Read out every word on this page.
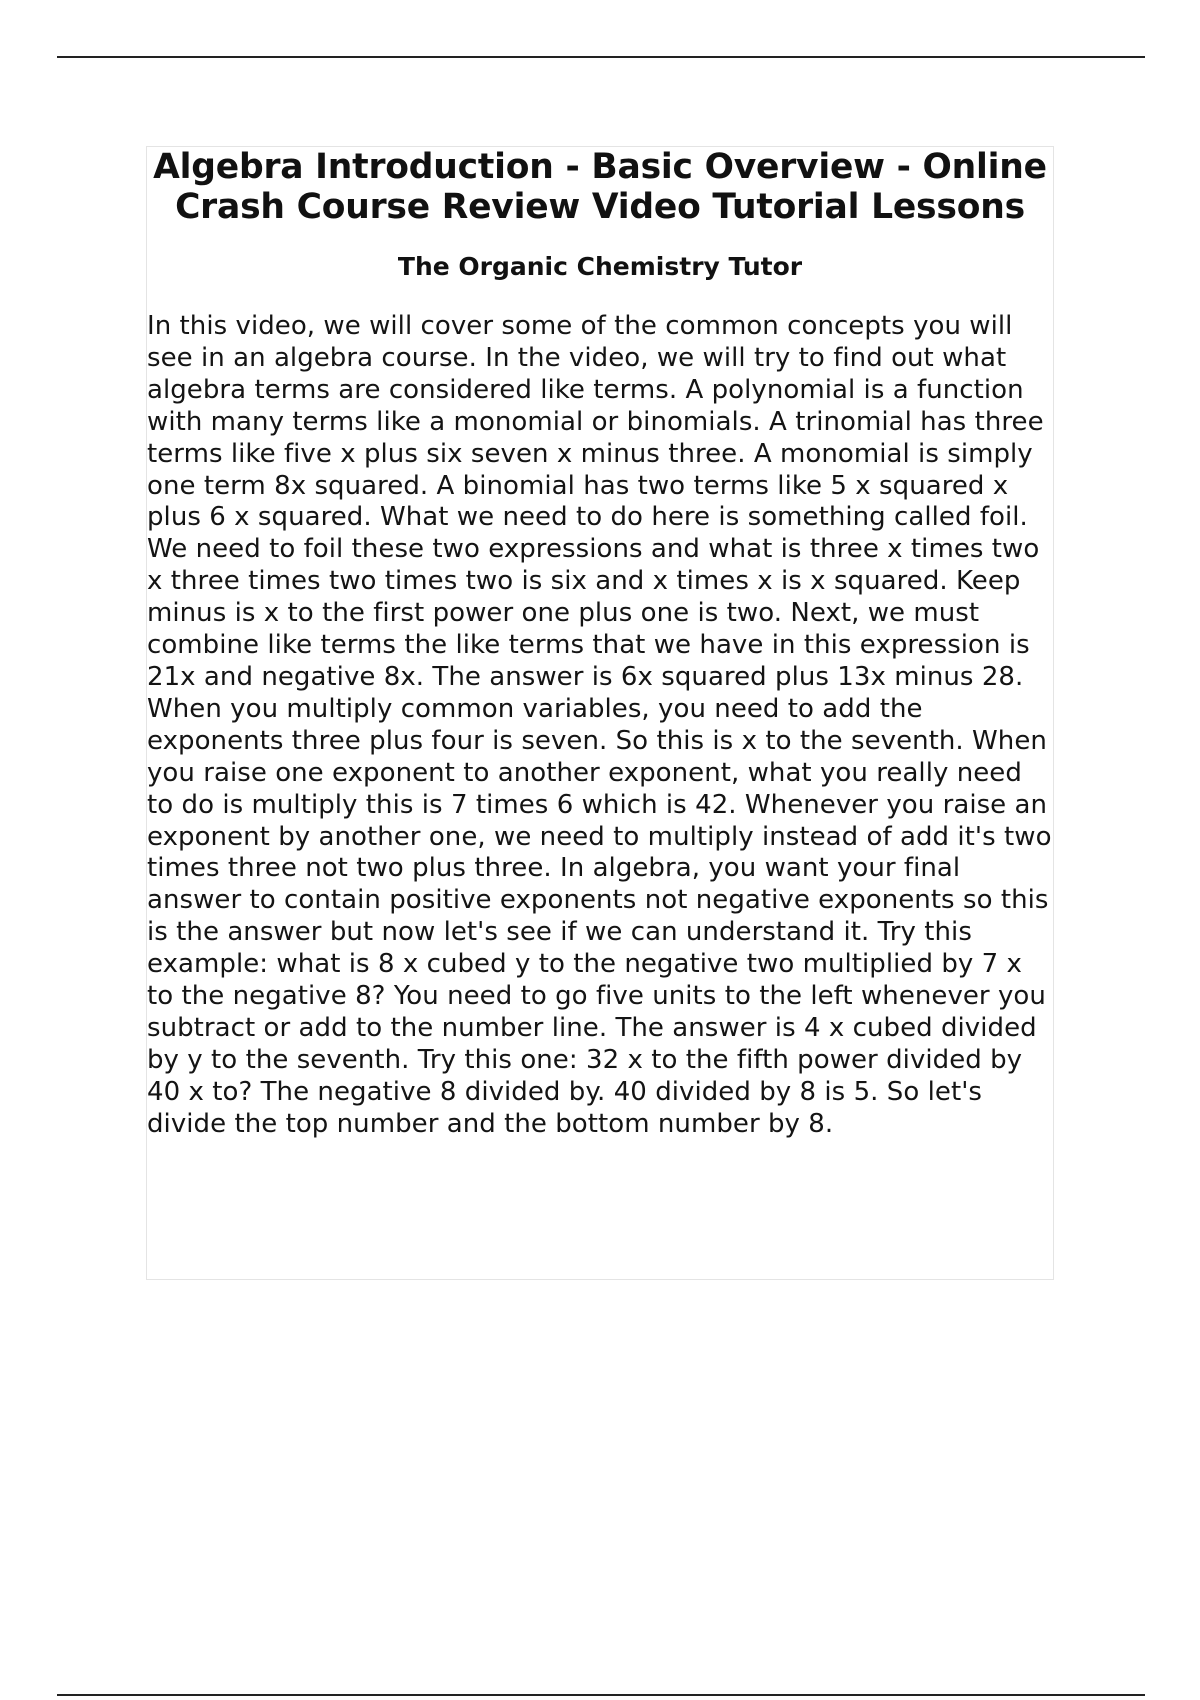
Algebra Introduction - Basic Overview - Online Crash Course Review Video Tutorial Lessons
The Organic Chemistry Tutor

In this video, we will cover some of the common concepts you will see in an algebra course. In the video, we will try to find out what algebra terms are considered like terms. A polynomial is a function with many terms like a monomial or binomials. A trinomial has three terms like five x plus six seven x minus three. A monomial is simply one term 8x squared. A binomial has two terms like 5 x squared x plus 6 x squared. What we need to do here is something called foil. We need to foil these two expressions and what is three x times two x three times two times two is six and x times x is x squared. Keep minus is x to the first power one plus one is two. Next, we must combine like terms the like terms that we have in this expression is 21x and negative 8x. The answer is 6x squared plus 13x minus 28. When you multiply common variables, you need to add the exponents three plus four is seven. So this is x to the seventh. When you raise one exponent to another exponent, what you really need to do is multiply this is 7 times 6 which is 42. Whenever you raise an exponent by another one, we need to multiply instead of add it's two times three not two plus three. In algebra, you want your final answer to contain positive exponents not negative exponents so this is the answer but now let's see if we can understand it. Try this example: what is 8 x cubed y to the negative two multiplied by 7 x to the negative 8? You need to go five units to the left whenever you subtract or add to the number line. The answer is 4 x cubed divided by y to the seventh. Try this one: 32 x to the fifth power divided by 40 x to? The negative 8 divided by. 40 divided by 8 is 5. So let's divide the top number and the bottom number by 8.
